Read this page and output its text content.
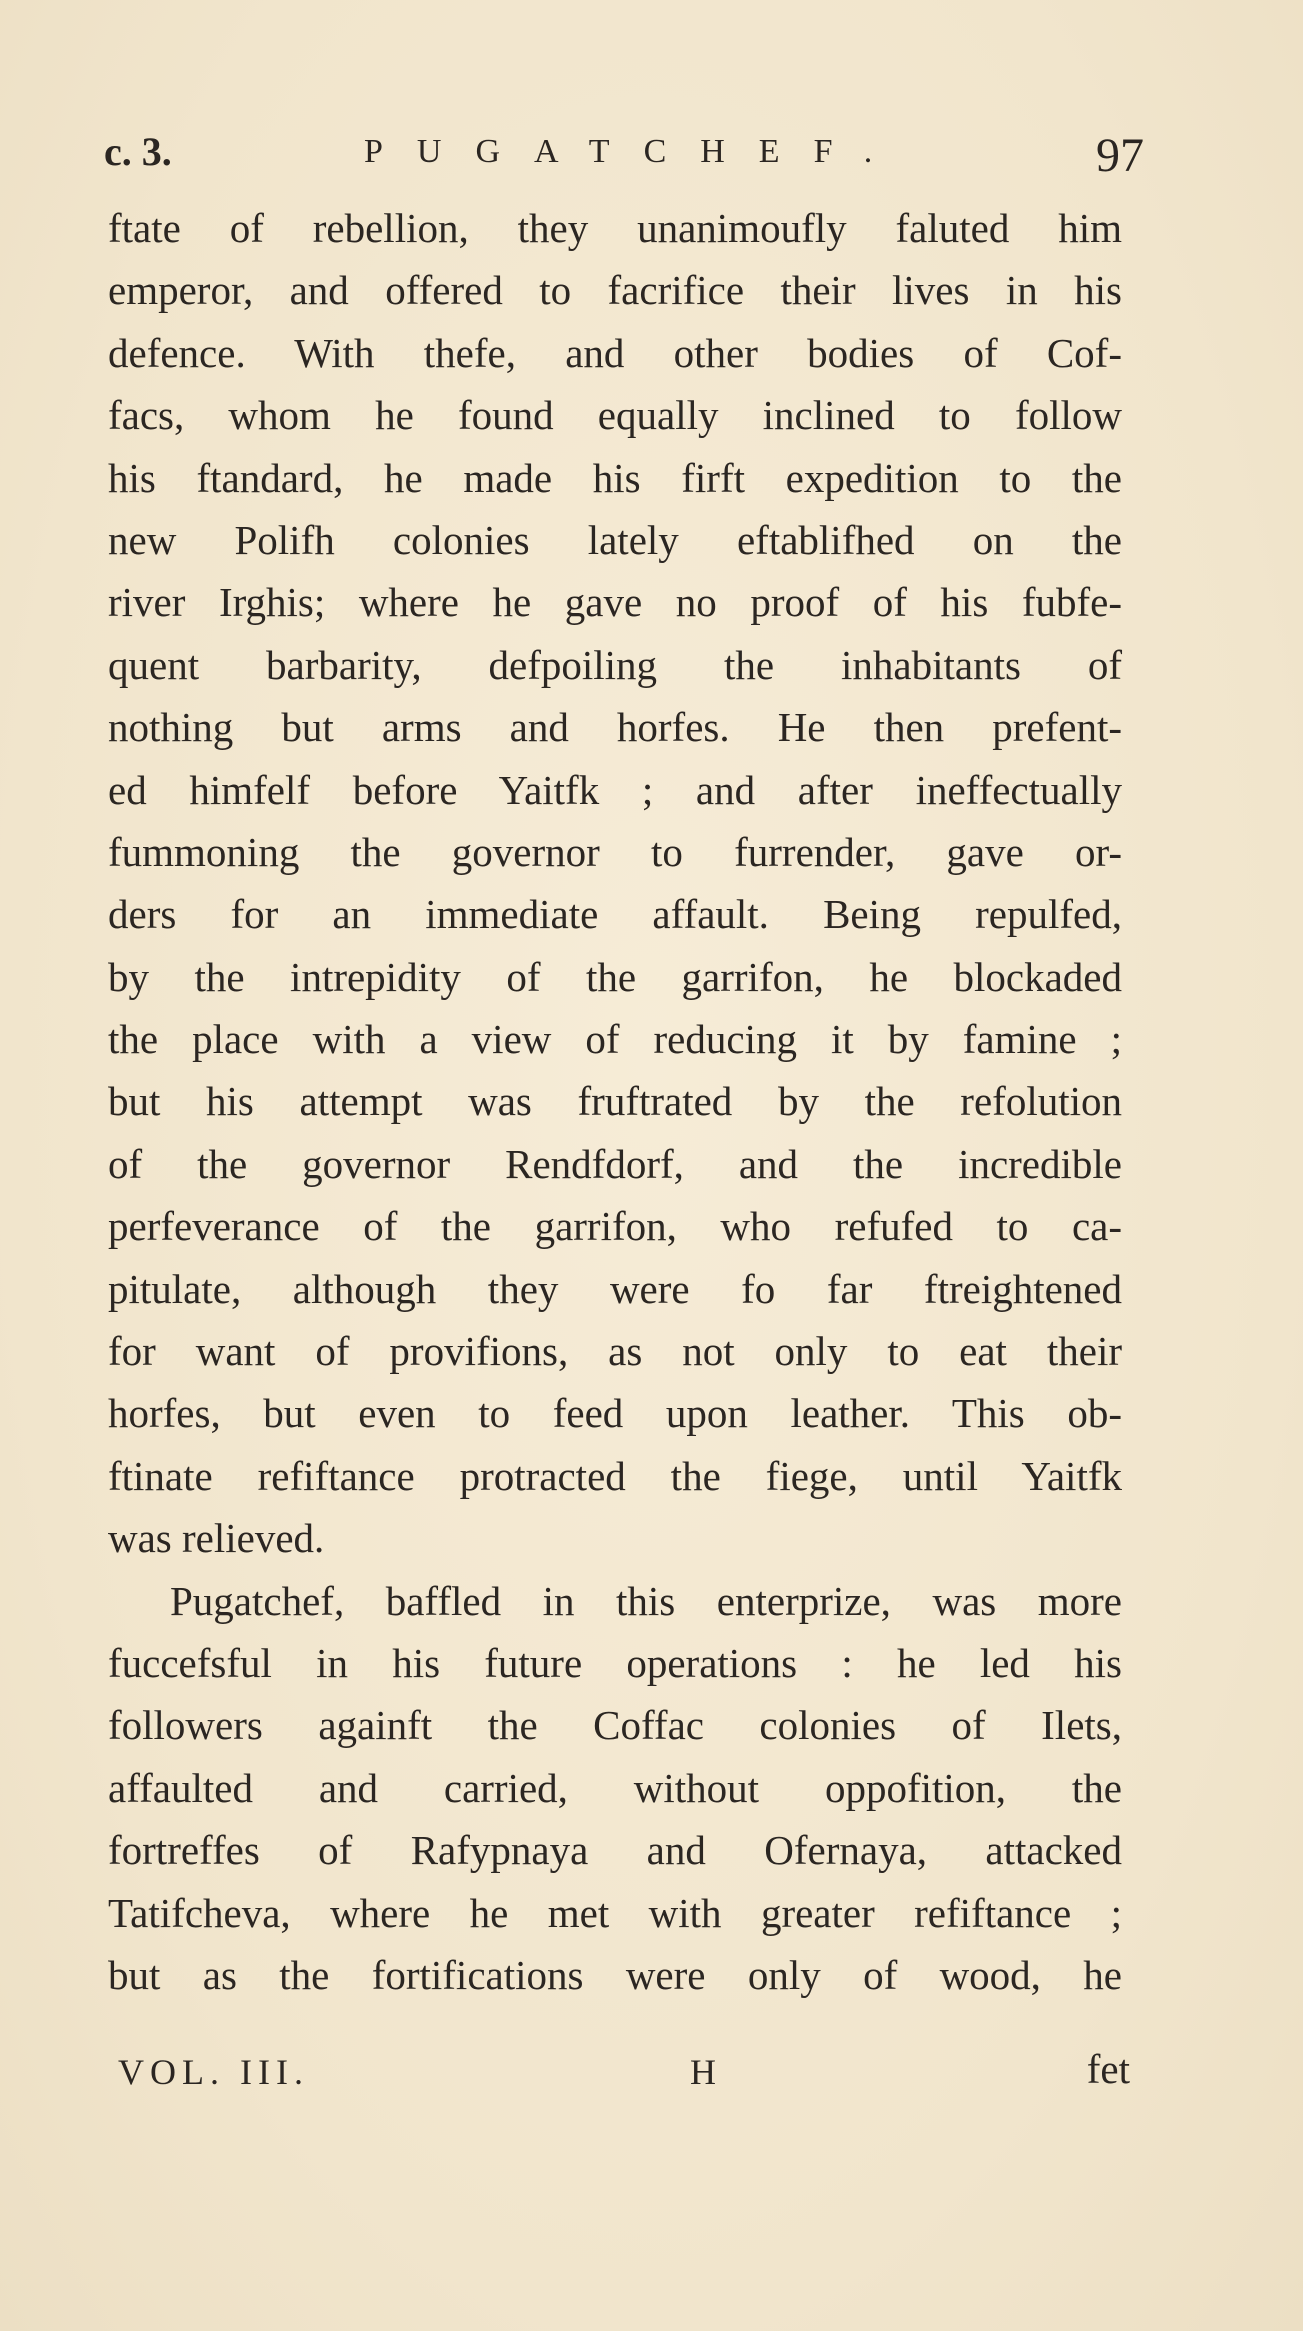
c. 3.	PUGATCHEF.	97
ftate of rebellion, they unanimoufly faluted him
emperor, and offered to facrifice their lives in his
defence. With thefe, and other bodies of Cof-
facs, whom he found equally inclined to follow
his ftandard, he made his firft expedition to the
new Polifh colonies lately eftablifhed on the
river Irghis; where he gave no proof of his fubfe-
quent barbarity, defpoiling the inhabitants of
nothing but arms and horfes. He then prefent-
ed himfelf before Yaitfk ; and after ineffectually
fummoning the governor to furrender, gave or-
ders for an immediate affault. Being repulfed,
by the intrepidity of the garrifon, he blockaded
the place with a view of reducing it by famine ;
but his attempt was fruftrated by the refolution
of the governor Rendfdorf, and the incredible
perfeverance of the garrifon, who refufed to ca-
pitulate, although they were fo far ftreightened
for want of provifions, as not only to eat their
horfes, but even to feed upon leather. This ob-
ftinate refiftance protracted the fiege, until Yaitfk
was relieved.
Pugatchef, baffled in this enterprize, was more
fuccefsful in his future operations : he led his
followers againft the Coffac colonies of Ilets,
affaulted and carried, without oppofition, the
fortreffes of Rafypnaya and Ofernaya, attacked
Tatifcheva, where he met with greater refiftance ;
but as the fortifications were only of wood, he
VOL. III.	H	fet
